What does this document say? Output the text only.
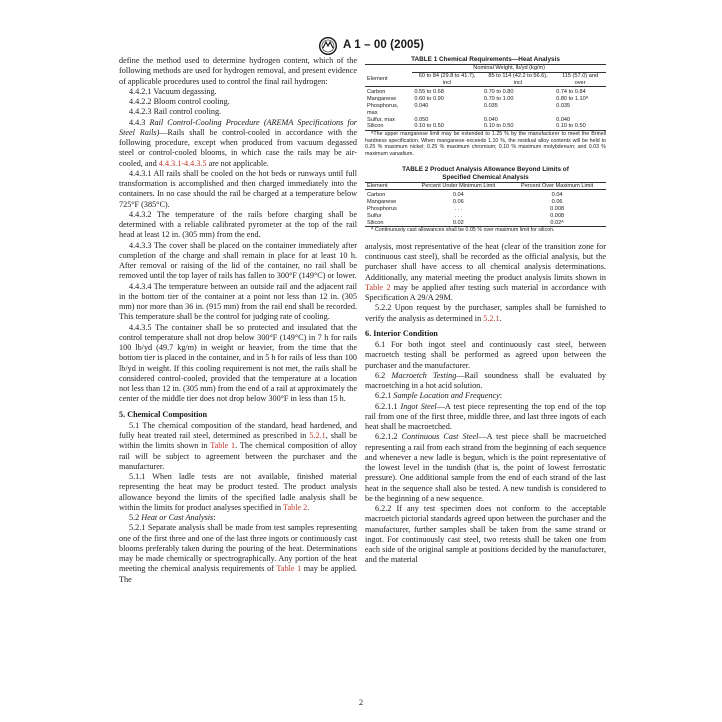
A 1 – 00 (2005)

define the method used to determine hydrogen content, which of the following methods are used for hydrogen removal, and present evidence of applicable procedures used to control the final rail hydrogen:

4.4.2.1 Vacuum degassing.

4.4.2.2 Bloom control cooling.

4.4.2.3 Rail control cooling.

4.4.3 Rail Control-Cooling Procedure (AREMA Specifications for Steel Rails)—Rails shall be control-cooled in accordance with the following procedure, except when produced from vacuum degassed steel or control-cooled blooms, in which case the rails may be air-cooled, and 4.4.3.1-4.4.3.5 are not applicable.

4.4.3.1 All rails shall be cooled on the hot beds or runways until full transformation is accomplished and then charged immediately into the containers. In no case should the rail be charged at a temperature below 725°F (385°C).

4.4.3.2 The temperature of the rails before charging shall be determined with a reliable calibrated pyrometer at the top of the rail head at least 12 in. (305 mm) from the end.

4.4.3.3 The cover shall be placed on the container immediately after completion of the charge and shall remain in place for at least 10 h. After removal or raising of the lid of the container, no rail shall be removed until the top layer of rails has fallen to 300°F (149°C) or lower.

4.4.3.4 The temperature between an outside rail and the adjacent rail in the bottom tier of the container at a point not less than 12 in. (305 mm) nor more than 36 in. (915 mm) from the rail end shall be recorded. This temperature shall be the control for judging rate of cooling.

4.4.3.5 The container shall be so protected and insulated that the control temperature shall not drop below 300°F (149°C) in 7 h for rails 100 lb/yd (49.7 kg/m) in weight or heavier, from the time that the bottom tier is placed in the container, and in 5 h for rails of less than 100 lb/yd in weight. If this cooling requirement is not met, the rails shall be considered control-cooled, provided that the temperature at a location not less than 12 in. (305 mm) from the end of a rail at approximately the center of the middle tier does not drop below 300°F in less than 15 h.

5. Chemical Composition

5.1 The chemical composition of the standard, head hardened, and fully heat treated rail steel, determined as prescribed in 5.2.1, shall be within the limits shown in Table 1. The chemical composition of alloy rail will be subject to agreement between the purchaser and the manufacturer.

5.1.1 When ladle tests are not available, finished material representing the heat may be product tested. The product analysis allowance beyond the limits of the specified ladle analysis shall be within the limits for product analyses specified in Table 2.

5.2 Heat or Cast Analysis:

5.2.1 Separate analysis shall be made from test samples representing one of the first three and one of the last three ingots or continuously cast blooms preferably taken during the pouring of the heat. Determinations may be made chemically or spectrographically. Any portion of the heat meeting the chemical analysis requirements of Table 1 may be applied. The

TABLE 1 Chemical Requirements—Heat Analysis

	Nominal Weight, lb/yd (kg/m)		
Element	60 to 84 (29.8 to 41.7), incl	85 to 114 (42.2 to 56.6), incl	115 (57.0) and over
Carbon	0.55 to 0.68	0.70 to 0.80	0.74 to 0.84
Manganese	0.60 to 0.90	0.70 to 1.00	0.80 to 1.10ᴬ
Phosphorus, max	0.040	0.035	0.035
Sulfur, max	0.050	0.040	0.040
Silicon	0.10 to 0.50	0.10 to 0.50	0.10 to 0.50

ᴬThe upper manganese limit may be extended to 1.25 % by the manufacturer to meet the Brinell hardness specification. When manganese exceeds 1.10 %, the residual alloy contents will be held to 0.25 % maximum nickel; 0.25 % maximum chromium; 0.10 % maximum molybdenum; and 0.03 % maximum vanadium.

TABLE 2 Product Analysis Allowance Beyond Limits of

Specified Chemical Analysis

Element	Percent Under Minimum Limit	Percent Over Maximum Limit
Carbon	0.04	0.04
Manganese	0.06	0.06
Phosphorus	. . .	0.008
Sulfur	. . .	0.008
Silicon	0.02	0.02ᴬ

ᴬ Continuously cast allowances shall be 0.05 % over maximum limit for silicon.

analysis, most representative of the heat (clear of the transition zone for continuous cast steel), shall be recorded as the official analysis, but the purchaser shall have access to all chemical analysis determinations. Additionally, any material meeting the product analysis limits shown in Table 2 may be applied after testing such material in accordance with Specification A 29/A 29M.

5.2.2 Upon request by the purchaser, samples shall be furnished to verify the analysis as determined in 5.2.1.

6. Interior Condition

6.1 For both ingot steel and continuously cast steel, between macroetch testing shall be performed as agreed upon between the purchaser and the manufacturer.

6.2 Macroetch Testing—Rail soundness shall be evaluated by macroetching in a hot acid solution.

6.2.1 Sample Location and Frequency:

6.2.1.1 Ingot Steel—A test piece representing the top end of the top rail from one of the first three, middle three, and last three ingots of each heat shall be macroetched.

6.2.1.2 Continuous Cast Steel—A test piece shall be macroetched representing a rail from each strand from the beginning of each sequence and whenever a new ladle is begun, which is the point representative of the lowest level in the tundish (that is, the point of lowest ferrostatic pressure). One additional sample from the end of each strand of the last heat in the sequence shall also be tested. A new tundish is considered to be the beginning of a new sequence.

6.2.2 If any test specimen does not conform to the acceptable macroetch pictorial standards agreed upon between the purchaser and the manufacturer, further samples shall be taken from the same strand or ingot. For continuously cast steel, two retests shall be taken one from each side of the original sample at positions decided by the manufacturer, and the material

2
